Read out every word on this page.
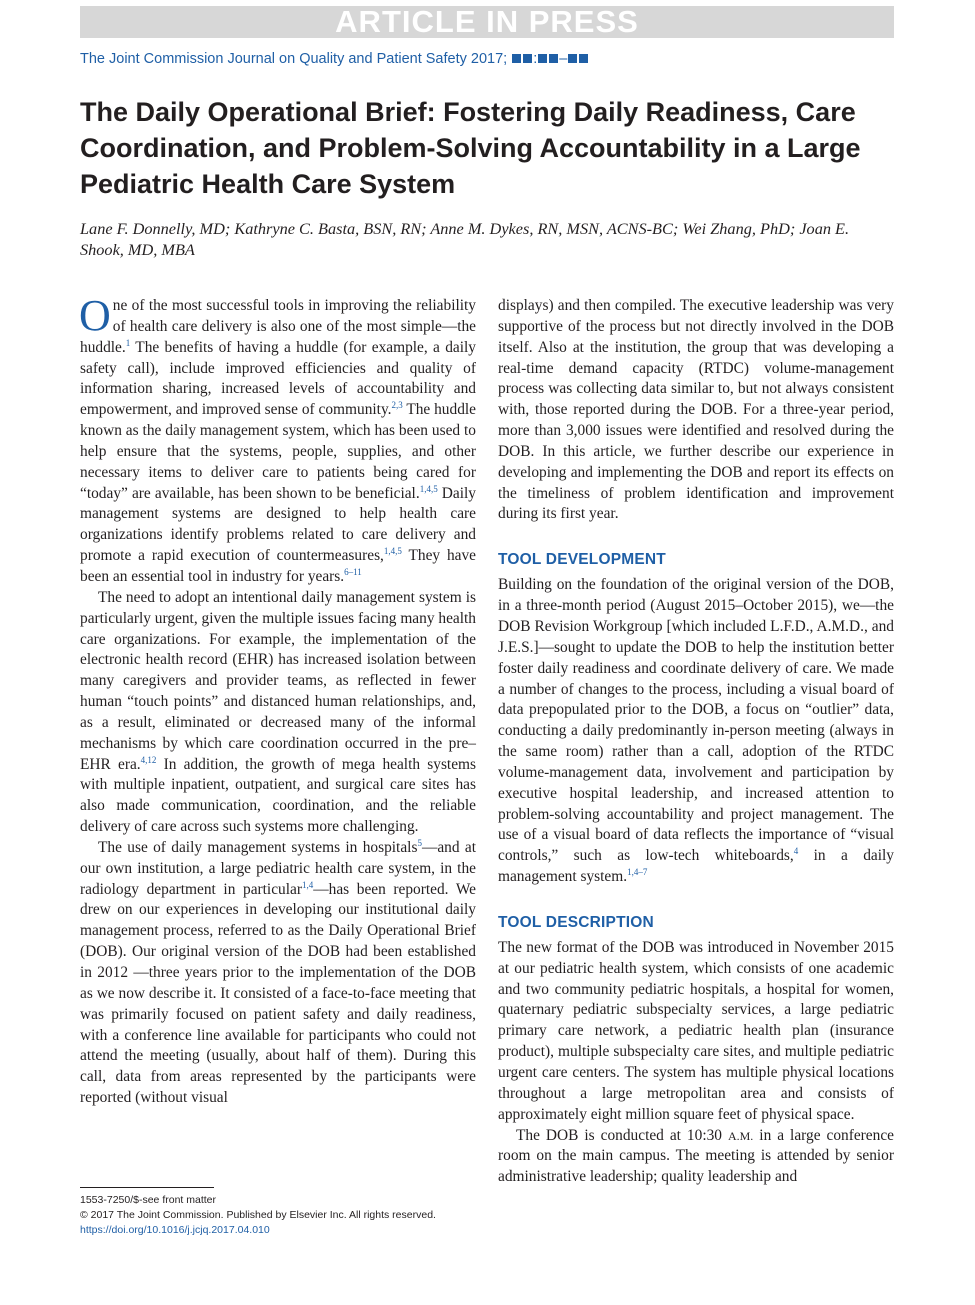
ARTICLE IN PRESS
The Joint Commission Journal on Quality and Patient Safety 2017; : –
The Daily Operational Brief: Fostering Daily Readiness, Care Coordination, and Problem-Solving Accountability in a Large Pediatric Health Care System
Lane F. Donnelly, MD; Kathryne C. Basta, BSN, RN; Anne M. Dykes, RN, MSN, ACNS-BC; Wei Zhang, PhD; Joan E. Shook, MD, MBA

One of the most successful tools in improving the reliability of health care delivery is also one of the most simple—the huddle.$^1$ The benefits of having a huddle (for example, a daily safety call), include improved efficiencies and quality of information sharing, increased levels of accountability and empowerment, and improved sense of community.$^{2,3}$ The huddle known as the daily management system, which has been used to help ensure that the systems, people, supplies, and other necessary items to deliver care to patients being cared for “today” are available, has been shown to be beneficial.$^{1,4,5}$ Daily management systems are designed to help health care organizations identify problems related to care delivery and promote a rapid execution of countermeasures,$^{1,4,5}$ They have been an essential tool in industry for years.$^{6-11}$

The need to adopt an intentional daily management system is particularly urgent, given the multiple issues facing many health care organizations. For example, the implementation of the electronic health record (EHR) has increased isolation between many caregivers and provider teams, as reflected in fewer human “touch points” and distanced human relationships, and, as a result, eliminated or decreased many of the informal mechanisms by which care coordination occurred in the pre–EHR era.$^{4,12}$ In addition, the growth of mega health systems with multiple inpatient, outpatient, and surgical care sites has also made communication, coordination, and the reliable delivery of care across such systems more challenging.

The use of daily management systems in hospitals$^5$—and at our own institution, a large pediatric health care system, in the radiology department in particular$^{1,4}$—has been reported. We drew on our experiences in developing our institutional daily management process, referred to as the Daily Operational Brief (DOB). Our original version of the DOB had been established in 2012 —three years prior to the implementation of the DOB as we now describe it. It consisted of a face-to-face meeting that was primarily focused on patient safety and daily readiness, with a conference line available for participants who could not attend the meeting (usually, about half of them). During this call, data from areas represented by the participants were reported (without visual

displays) and then compiled. The executive leadership was very supportive of the process but not directly involved in the DOB itself. Also at the institution, the group that was developing a real-time demand capacity (RTDC) volume-management process was collecting data similar to, but not always consistent with, those reported during the DOB. For a three-year period, more than 3,000 issues were identified and resolved during the DOB. In this article, we further describe our experience in developing and implementing the DOB and report its effects on the timeliness of problem identification and improvement during its first year.

TOOL DEVELOPMENT

Building on the foundation of the original version of the DOB, in a three-month period (August 2015–October 2015), we—the DOB Revision Workgroup [which included L.F.D., A.M.D., and J.E.S.]—sought to update the DOB to help the institution better foster daily readiness and coordinate delivery of care. We made a number of changes to the process, including a visual board of data prepopulated prior to the DOB, a focus on “outlier” data, conducting a daily predominantly in-person meeting (always in the same room) rather than a call, adoption of the RTDC volume-management data, involvement and participation by executive hospital leadership, and increased attention to problem-solving accountability and project management. The use of a visual board of data reflects the importance of “visual controls,” such as low-tech whiteboards,$^4$ in a daily management system.$^{1,4-7}$

TOOL DESCRIPTION

The new format of the DOB was introduced in November 2015 at our pediatric health system, which consists of one academic and two community pediatric hospitals, a hospital for women, quaternary pediatric subspecialty services, a large pediatric primary care network, a pediatric health plan (insurance product), multiple subspecialty care sites, and multiple pediatric urgent care centers. The system has multiple physical locations throughout a large metropolitan area and consists of approximately eight million square feet of physical space.

The DOB is conducted at 10:30 A.M. in a large conference room on the main campus. The meeting is attended by senior administrative leadership; quality leadership and

1553-7250/$-see front matter
© 2017 The Joint Commission. Published by Elsevier Inc. All rights reserved.
https://doi.org/10.1016/j.jcjq.2017.04.010
